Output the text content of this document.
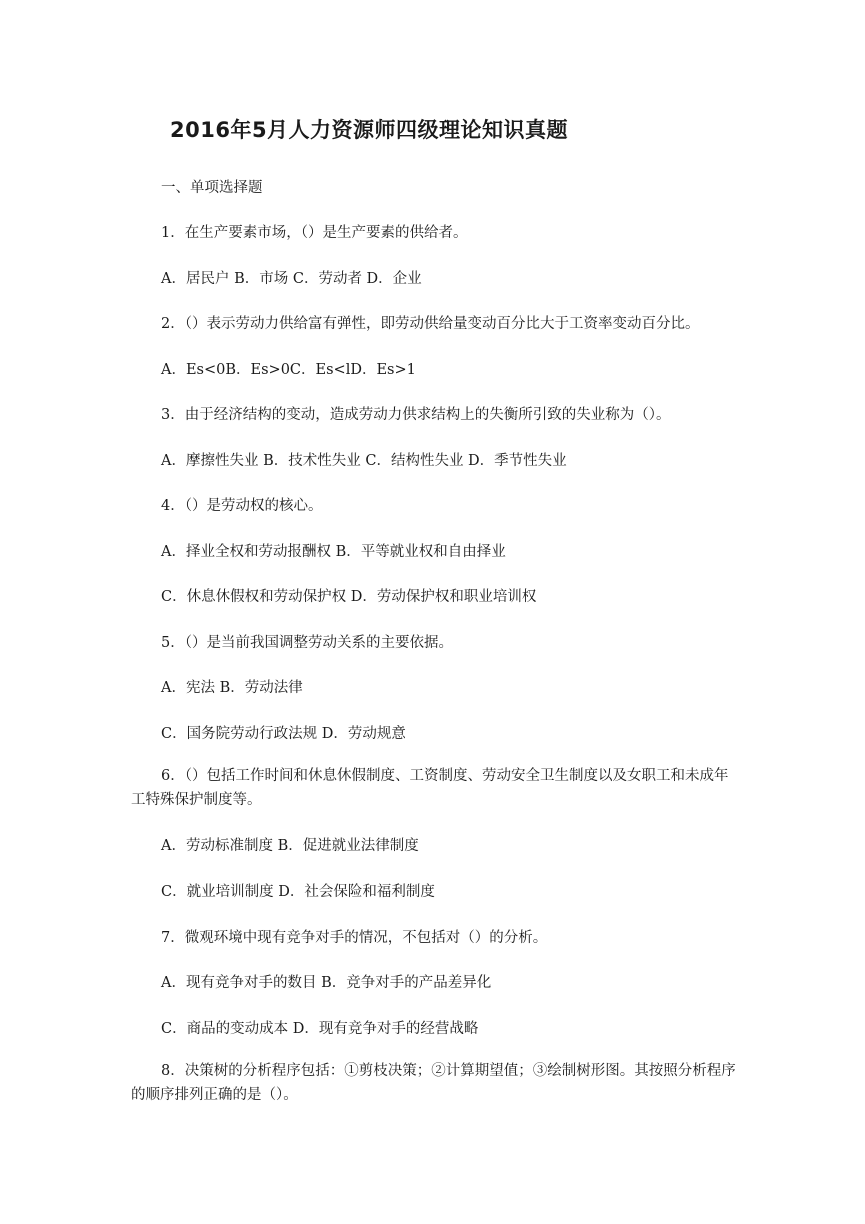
2016年5月人力资源师四级理论知识真题
一、单项选择题
1．在生产要素市场，（）是生产要素的供给者。
A．居民户 B．市场 C．劳动者 D．企业
2．（）表示劳动力供给富有弹性，即劳动供给量变动百分比大于工资率变动百分比。
A．Es<0B．Es>0C．Es<lD．Es>1
3．由于经济结构的变动，造成劳动力供求结构上的失衡所引致的失业称为（）。
A．摩擦性失业 B．技术性失业 C．结构性失业 D．季节性失业
4．（）是劳动权的核心。
A．择业全权和劳动报酬权 B．平等就业权和自由择业
C．休息休假权和劳动保护权 D．劳动保护权和职业培训权
5．（）是当前我国调整劳动关系的主要依据。
A．宪法 B．劳动法律
C．国务院劳动行政法规 D．劳动规意
6．（）包括工作时间和休息休假制度、工资制度、劳动安全卫生制度以及女职工和未成年工特殊保护制度等。
A．劳动标准制度 B．促进就业法律制度
C．就业培训制度 D．社会保险和福利制度
7．微观环境中现有竞争对手的情况，不包括对（）的分析。
A．现有竞争对手的数目 B．竞争对手的产品差异化
C．商品的变动成本 D．现有竞争对手的经营战略
8．决策树的分析程序包括：①剪枝决策；②计算期望值；③绘制树形图。其按照分析程序的顺序排列正确的是（）。
